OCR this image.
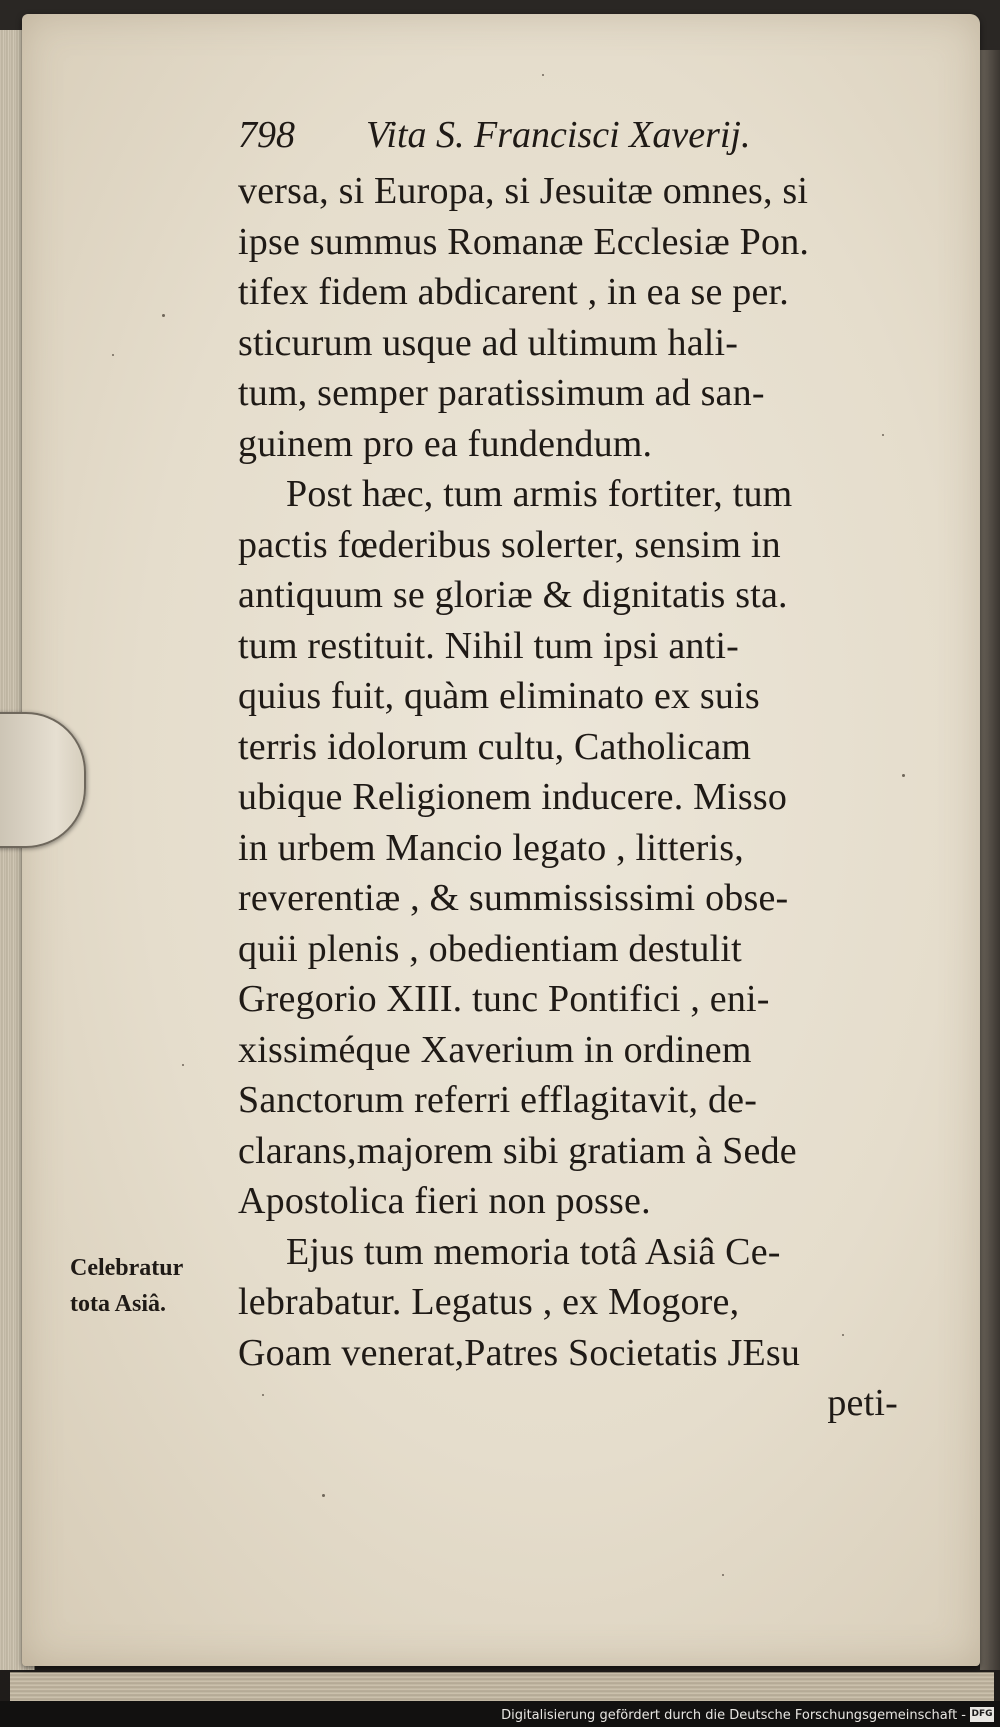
798 Vita S. Francisci Xaverij.
versa, si Europa, si Jesuitæ omnes, si
ipse summus Romanæ Ecclesiæ Pon.
tifex fidem abdicarent , in ea se per.
sticurum usque ad ultimum hali-
tum, semper paratissimum ad san-
guinem pro ea fundendum.
Post hæc, tum armis fortiter, tum
pactis fœderibus solerter, sensim in
antiquum se gloriæ & dignitatis sta.
tum restituit. Nihil tum ipsi anti-
quius fuit, quàm eliminato ex suis
terris idolorum cultu, Catholicam
ubique Religionem inducere. Misso
in urbem Mancio legato , litteris,
reverentiæ , & summississimi obse-
quii plenis , obedientiam destulit
Gregorio XIII. tunc Pontifici , eni-
xissiméque Xaverium in ordinem
Sanctorum referri efflagitavit, de-
clarans,majorem sibi gratiam à Sede
Apostolica fieri non posse.
Ejus tum memoria totâ Asiâ Ce-
lebrabatur. Legatus , ex Mogore,
Goam venerat,Patres Societatis JEsu
peti-
Celebratur
tota Asiâ.
Digitalisierung gefördert durch die Deutsche Forschungsgemeinschaft - DFG
